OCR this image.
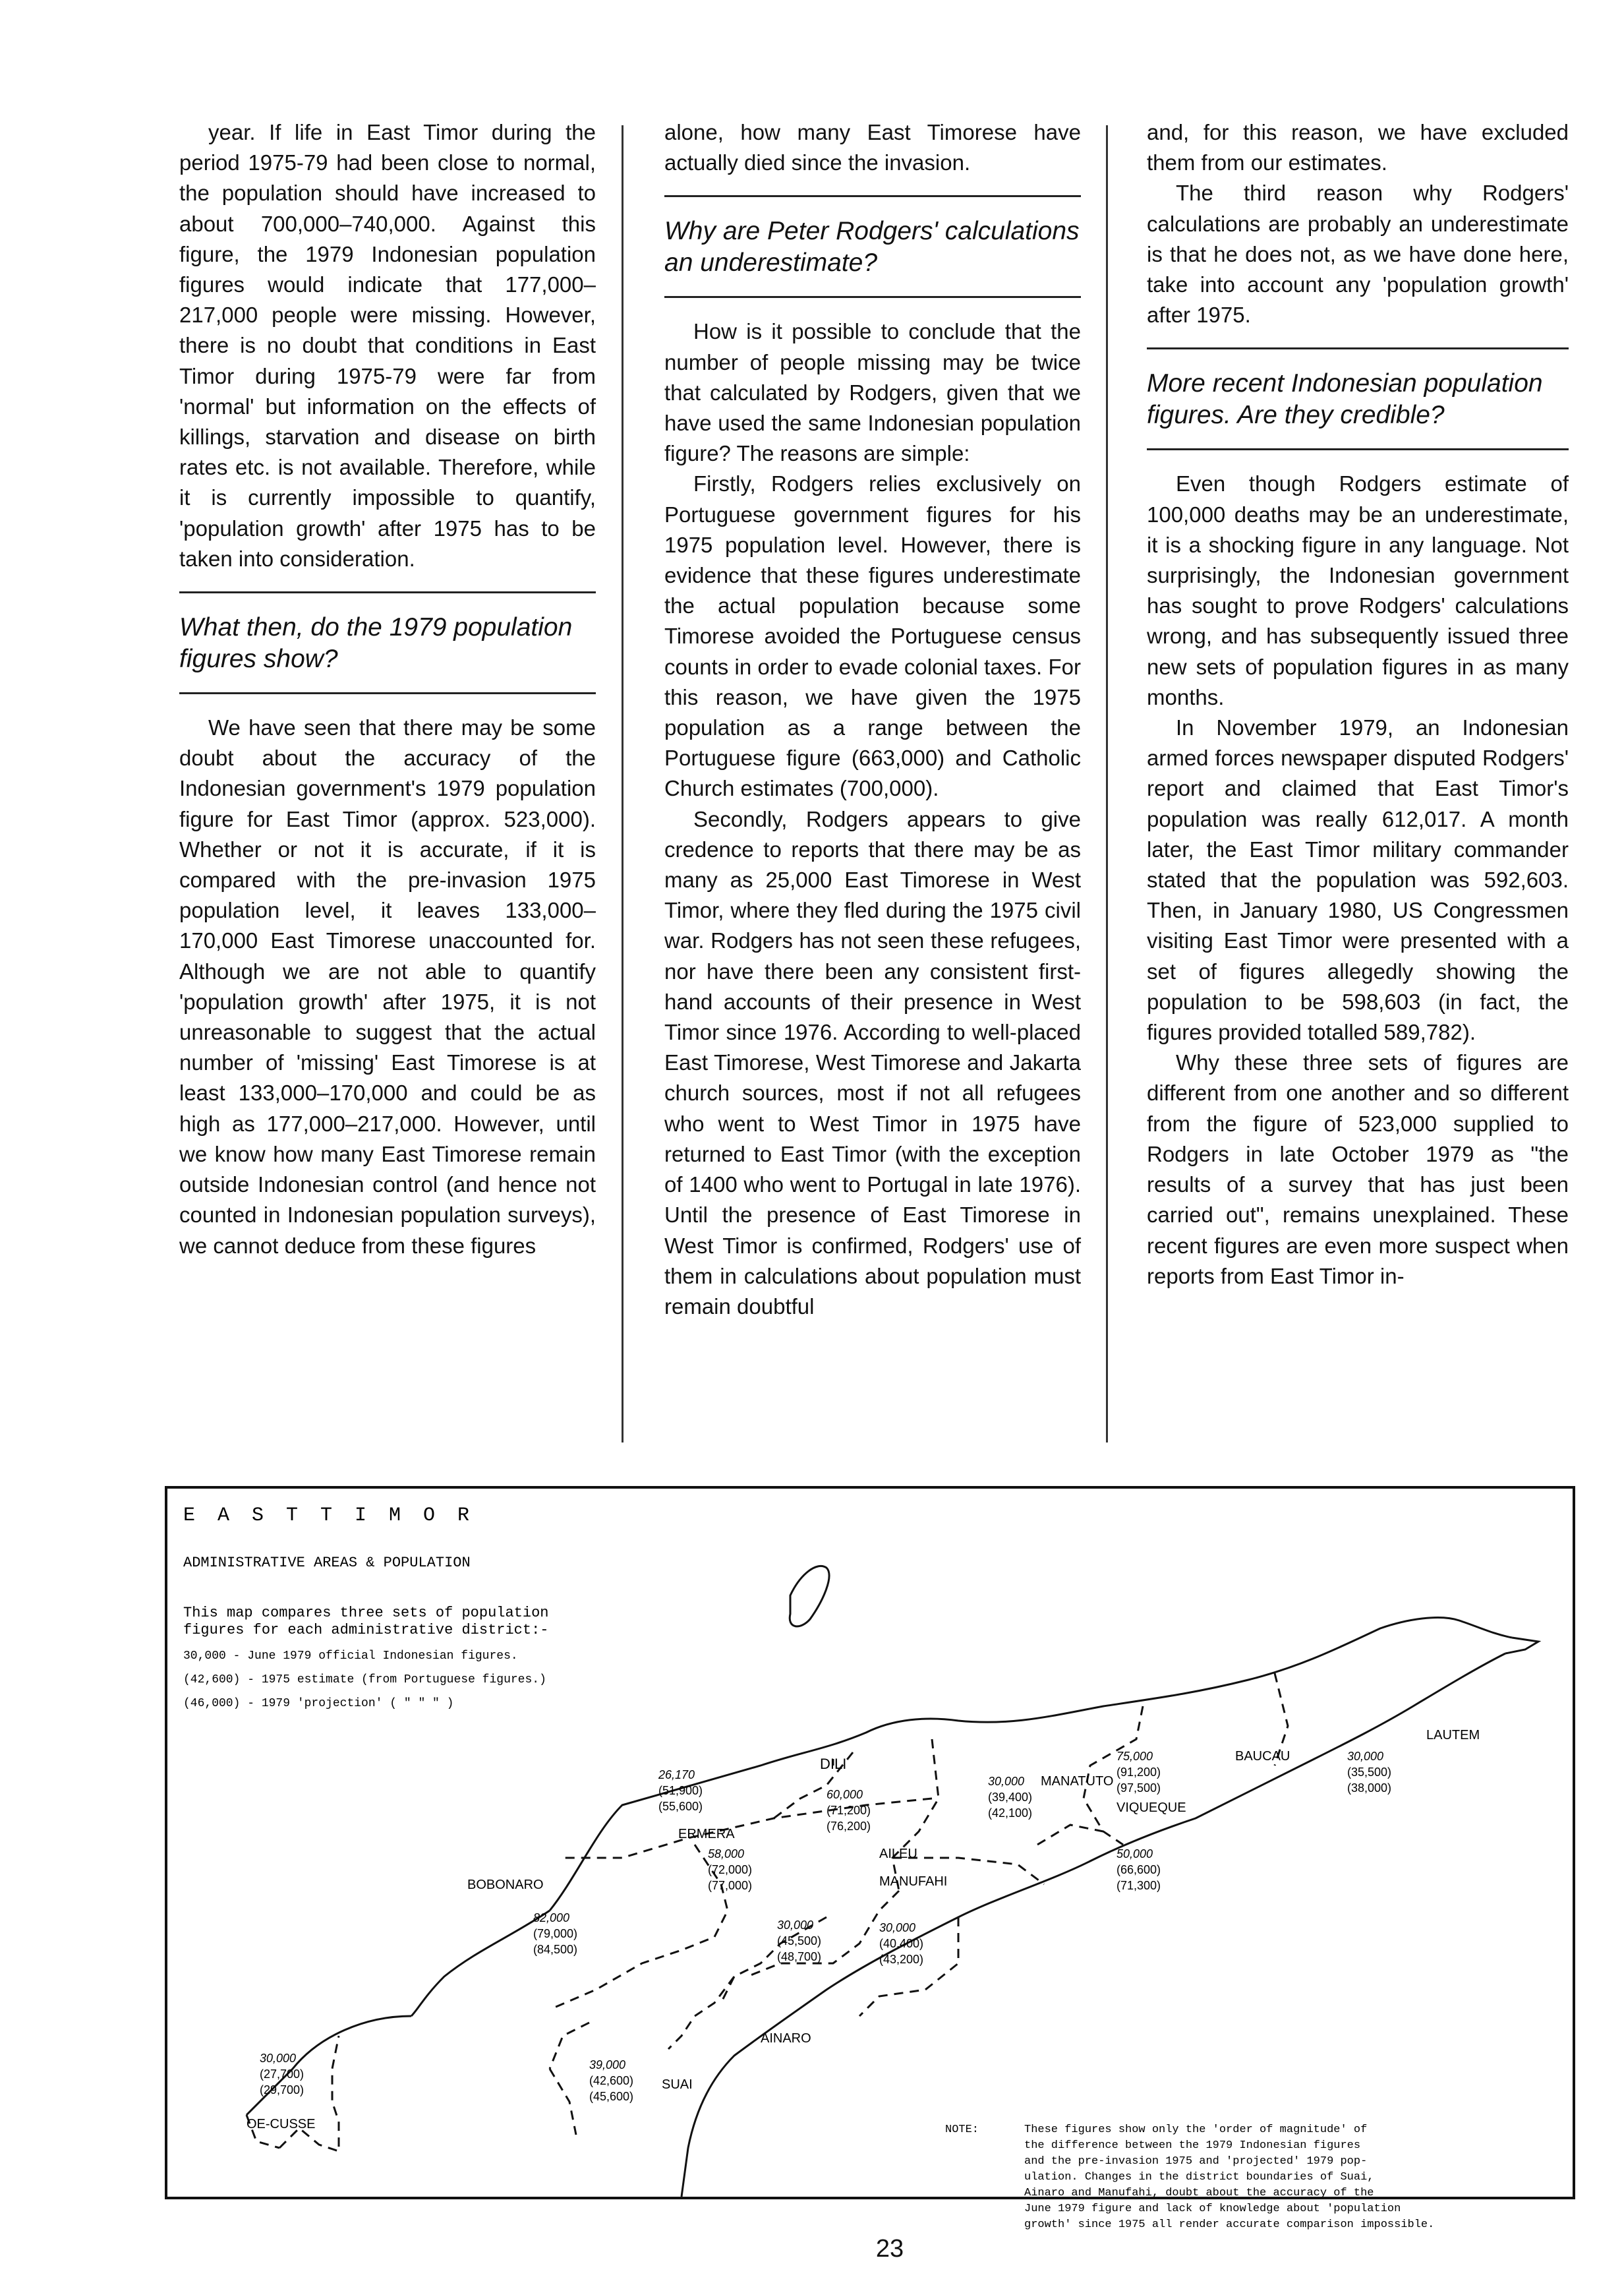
year. If life in East Timor during the period 1975-79 had been close to normal, the population should have increased to about 700,000–740,000. Against this figure, the 1979 Indonesian population figures would indicate that 177,000–217,000 people were missing. However, there is no doubt that conditions in East Timor during 1975-79 were far from 'normal' but information on the effects of killings, starvation and disease on birth rates etc. is not available. Therefore, while it is currently impossible to quantify, 'population growth' after 1975 has to be taken into consideration.

What then, do the 1979 population figures show?

We have seen that there may be some doubt about the accuracy of the Indonesian government's 1979 population figure for East Timor (approx. 523,000). Whether or not it is accurate, if it is compared with the pre-invasion 1975 population level, it leaves 133,000–170,000 East Timorese unaccounted for. Although we are not able to quantify 'population growth' after 1975, it is not unreasonable to suggest that the actual number of 'missing' East Timorese is at least 133,000–170,000 and could be as high as 177,000–217,000. However, until we know how many East Timorese remain outside Indonesian control (and hence not counted in Indonesian population surveys), we cannot deduce from these figures

alone, how many East Timorese have actually died since the invasion.

Why are Peter Rodgers' calculations an underestimate?

How is it possible to conclude that the number of people missing may be twice that calculated by Rodgers, given that we have used the same Indonesian population figure? The reasons are simple:

Firstly, Rodgers relies exclusively on Portuguese government figures for his 1975 population level. However, there is evidence that these figures underestimate the actual population because some Timorese avoided the Portuguese census counts in order to evade colonial taxes. For this reason, we have given the 1975 population as a range between the Portuguese figure (663,000) and Catholic Church estimates (700,000).

Secondly, Rodgers appears to give credence to reports that there may be as many as 25,000 East Timorese in West Timor, where they fled during the 1975 civil war. Rodgers has not seen these refugees, nor have there been any consistent first-hand accounts of their presence in West Timor since 1976. According to well-placed East Timorese, West Timorese and Jakarta church sources, most if not all refugees who went to West Timor in 1975 have returned to East Timor (with the exception of 1400 who went to Portugal in late 1976). Until the presence of East Timorese in West Timor is confirmed, Rodgers' use of them in calculations about population must remain doubtful

and, for this reason, we have excluded them from our estimates.

The third reason why Rodgers' calculations are probably an underestimate is that he does not, as we have done here, take into account any 'population growth' after 1975.

More recent Indonesian population figures. Are they credible?

Even though Rodgers estimate of 100,000 deaths may be an underestimate, it is a shocking figure in any language. Not surprisingly, the Indonesian government has sought to prove Rodgers' calculations wrong, and has subsequently issued three new sets of population figures in as many months.

In November 1979, an Indonesian armed forces newspaper disputed Rodgers' report and claimed that East Timor's population was really 612,017. A month later, the East Timor military commander stated that the population was 592,603. Then, in January 1980, US Congressmen visiting East Timor were presented with a set of figures allegedly showing the population to be 598,603 (in fact, the figures provided totalled 589,782).

Why these three sets of figures are different from one another and so different from the figure of 523,000 supplied to Rodgers in late October 1979 as "the results of a survey that has just been carried out", remains unexplained. These recent figures are even more suspect when reports from East Timor in-

E A S T T I M O R
ADMINISTRATIVE AREAS & POPULATION
This map compares three sets of population
figures for each administrative district:-
30,000 - June 1979 official Indonesian figures.
(42,600) - 1975 estimate (from Portuguese figures.)
(46,000) - 1979 'projection' ( " " " )
DILI
MANATUTO
30,000
(39,400)
(42,100)
BAUCAU
75,000
(91,200)
(97,500)
LAUTEM
30,000
(35,500)
(38,000)
VIQUEQUE
50,000
(66,600)
(71,300)
ERMERA
26,170
(51,900)
(55,600)
AILEU
60,000
(71,200)
(76,200)
58,000
(72,000)
(77,000)
BOBONARO
82,000
(79,000)
(84,500)
MANUFAHI
30,000
(40,400)
(43,200)
30,000
(45,500)
(48,700)
AINARO
39,000
(42,600)
(45,600)
SUAI
30,000
(27,700)
(29,700)
OE-CUSSE	NOTE:	These figures show only the 'order of magnitude' of
the difference between the 1979 Indonesian figures
and the pre-invasion 1975 and 'projected' 1979 pop-
ulation. Changes in the district boundaries of Suai,
Ainaro and Manufahi, doubt about the accuracy of the
June 1979 figure and lack of knowledge about 'population
growth' since 1975 all render accurate comparison impossible.
23
